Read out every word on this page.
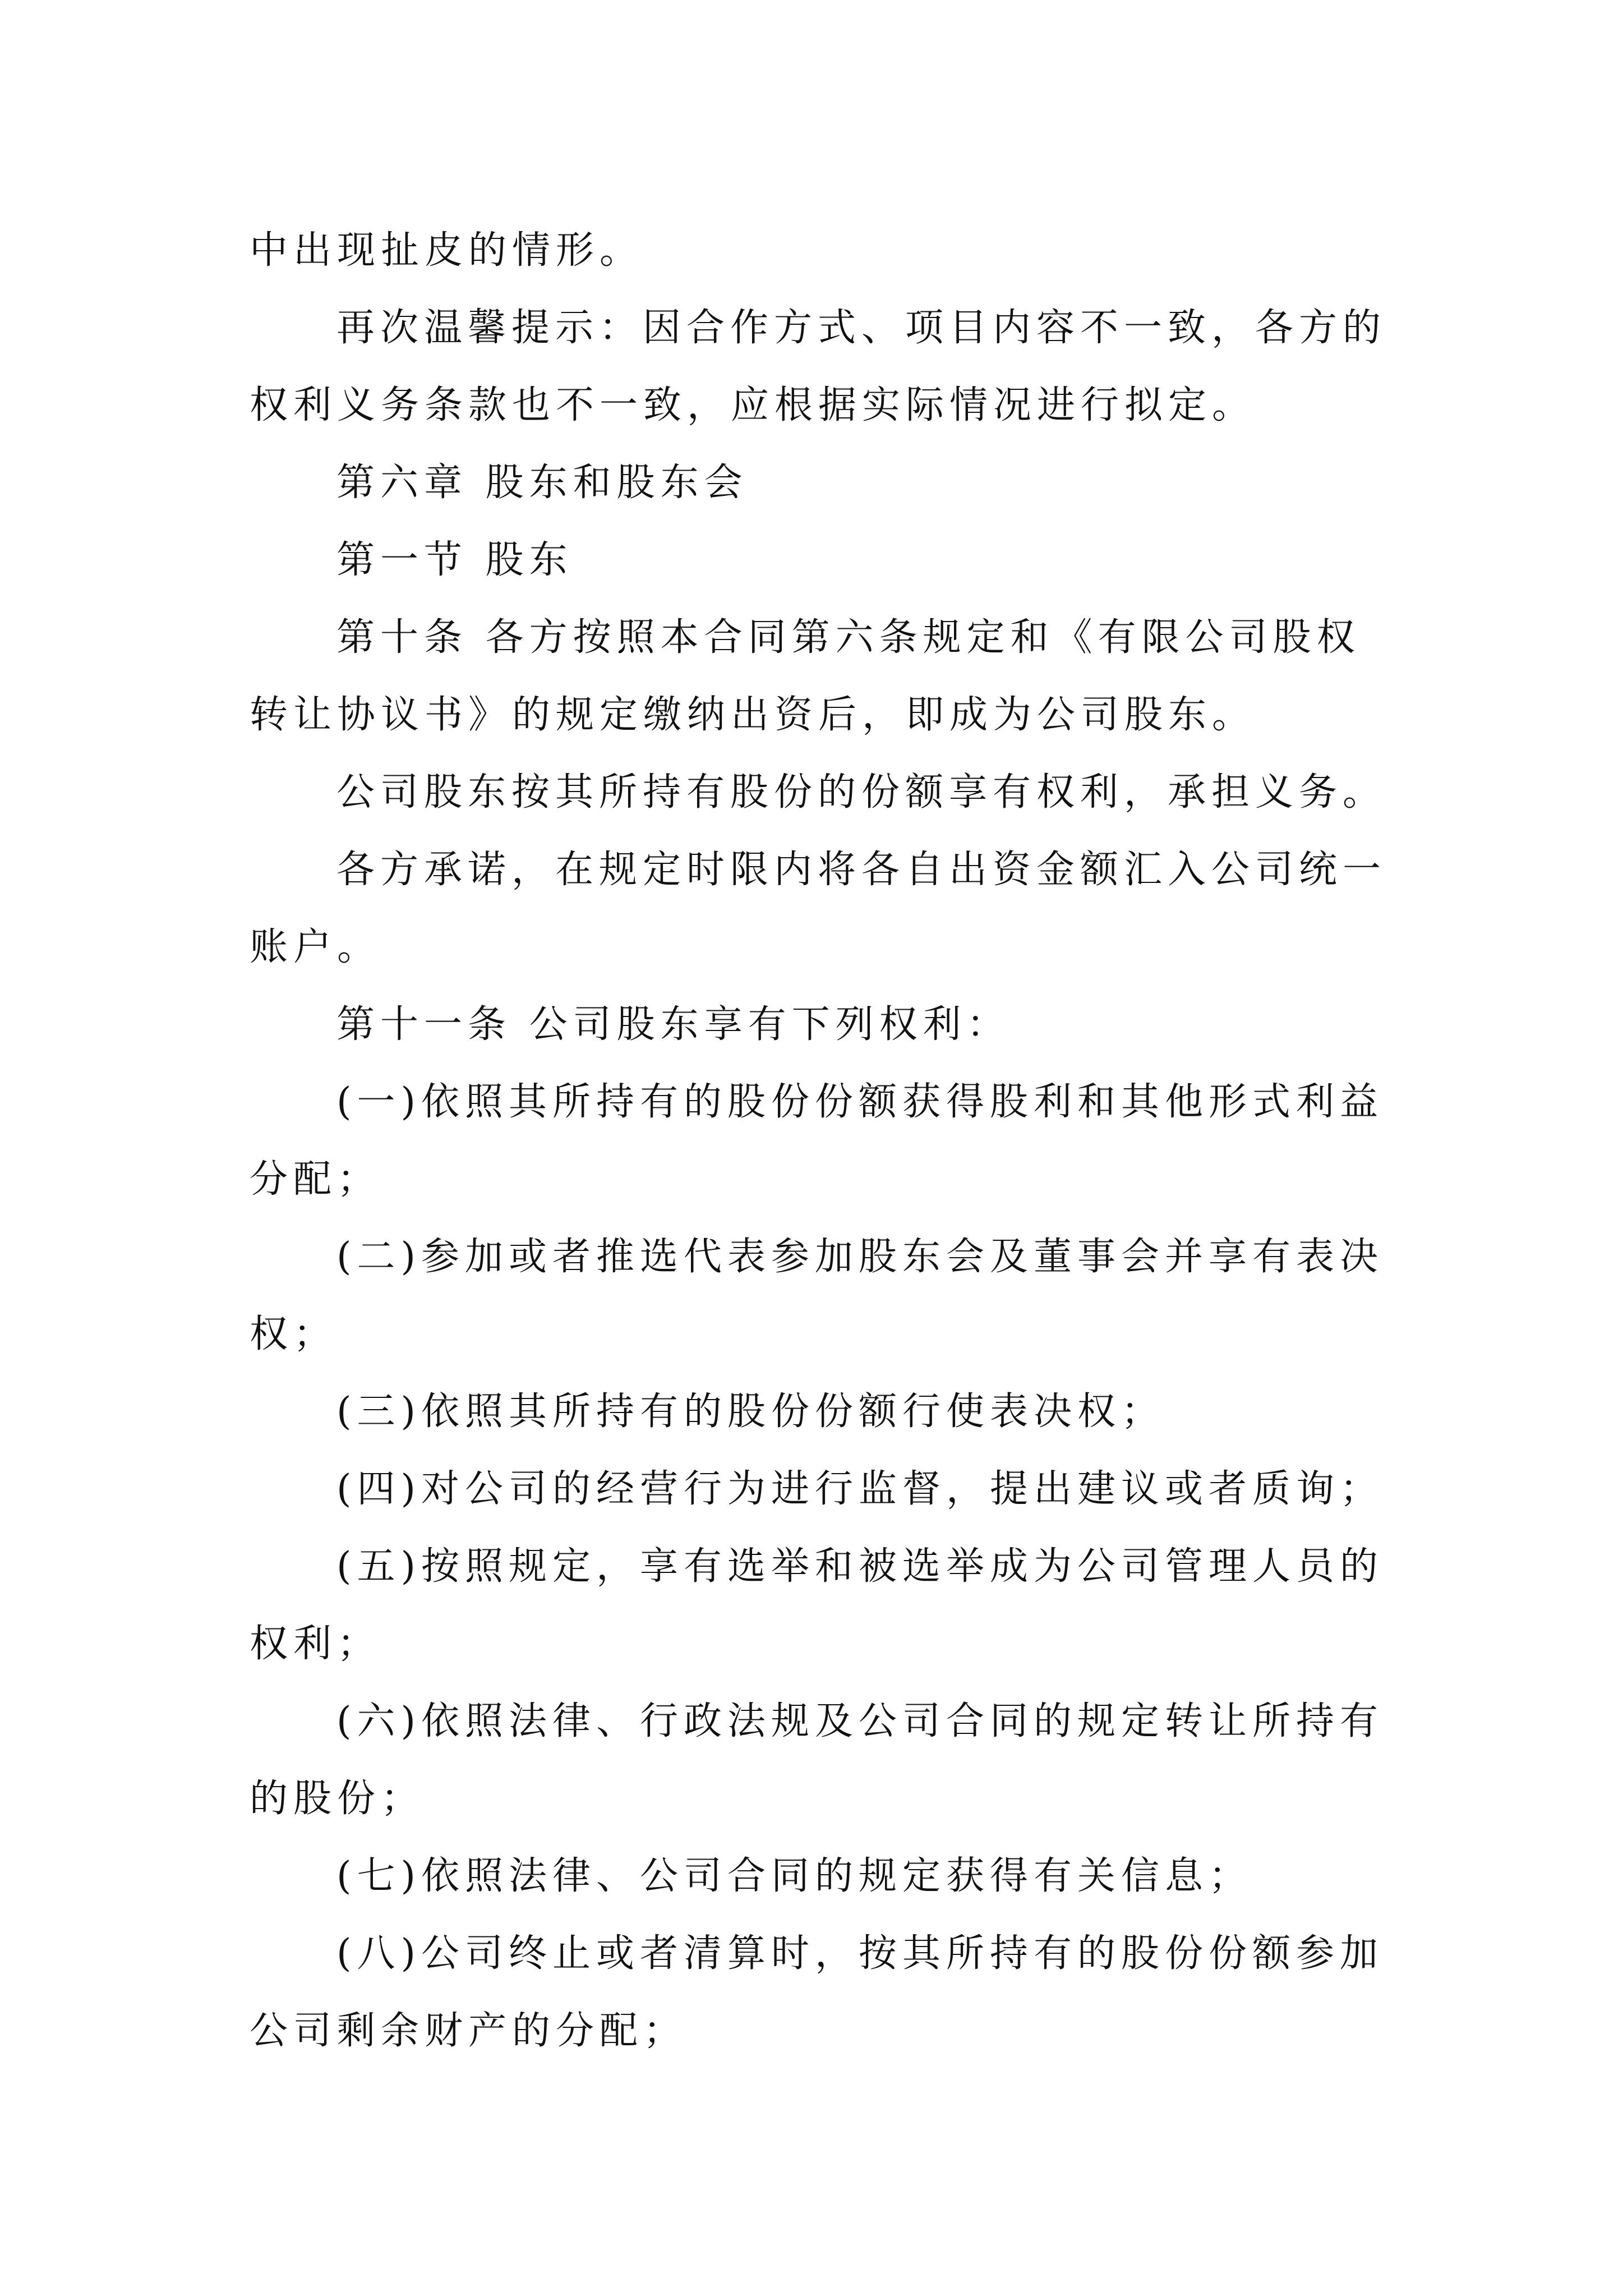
中出现扯皮的情形。

再次温馨提示：因合作方式、项目内容不一致，各方的

权利义务条款也不一致，应根据实际情况进行拟定。

第六章 股东和股东会

第一节 股东

第十条 各方按照本合同第六条规定和《有限公司股权

转让协议书》的规定缴纳出资后，即成为公司股东。

公司股东按其所持有股份的份额享有权利，承担义务。

各方承诺，在规定时限内将各自出资金额汇入公司统一

账户。

第十一条 公司股东享有下列权利：

(一)依照其所持有的股份份额获得股利和其他形式利益

分配；

(二)参加或者推选代表参加股东会及董事会并享有表决

权；

(三)依照其所持有的股份份额行使表决权；

(四)对公司的经营行为进行监督，提出建议或者质询；

(五)按照规定，享有选举和被选举成为公司管理人员的

权利；

(六)依照法律、行政法规及公司合同的规定转让所持有

的股份；

(七)依照法律、公司合同的规定获得有关信息；

(八)公司终止或者清算时，按其所持有的股份份额参加

公司剩余财产的分配；
